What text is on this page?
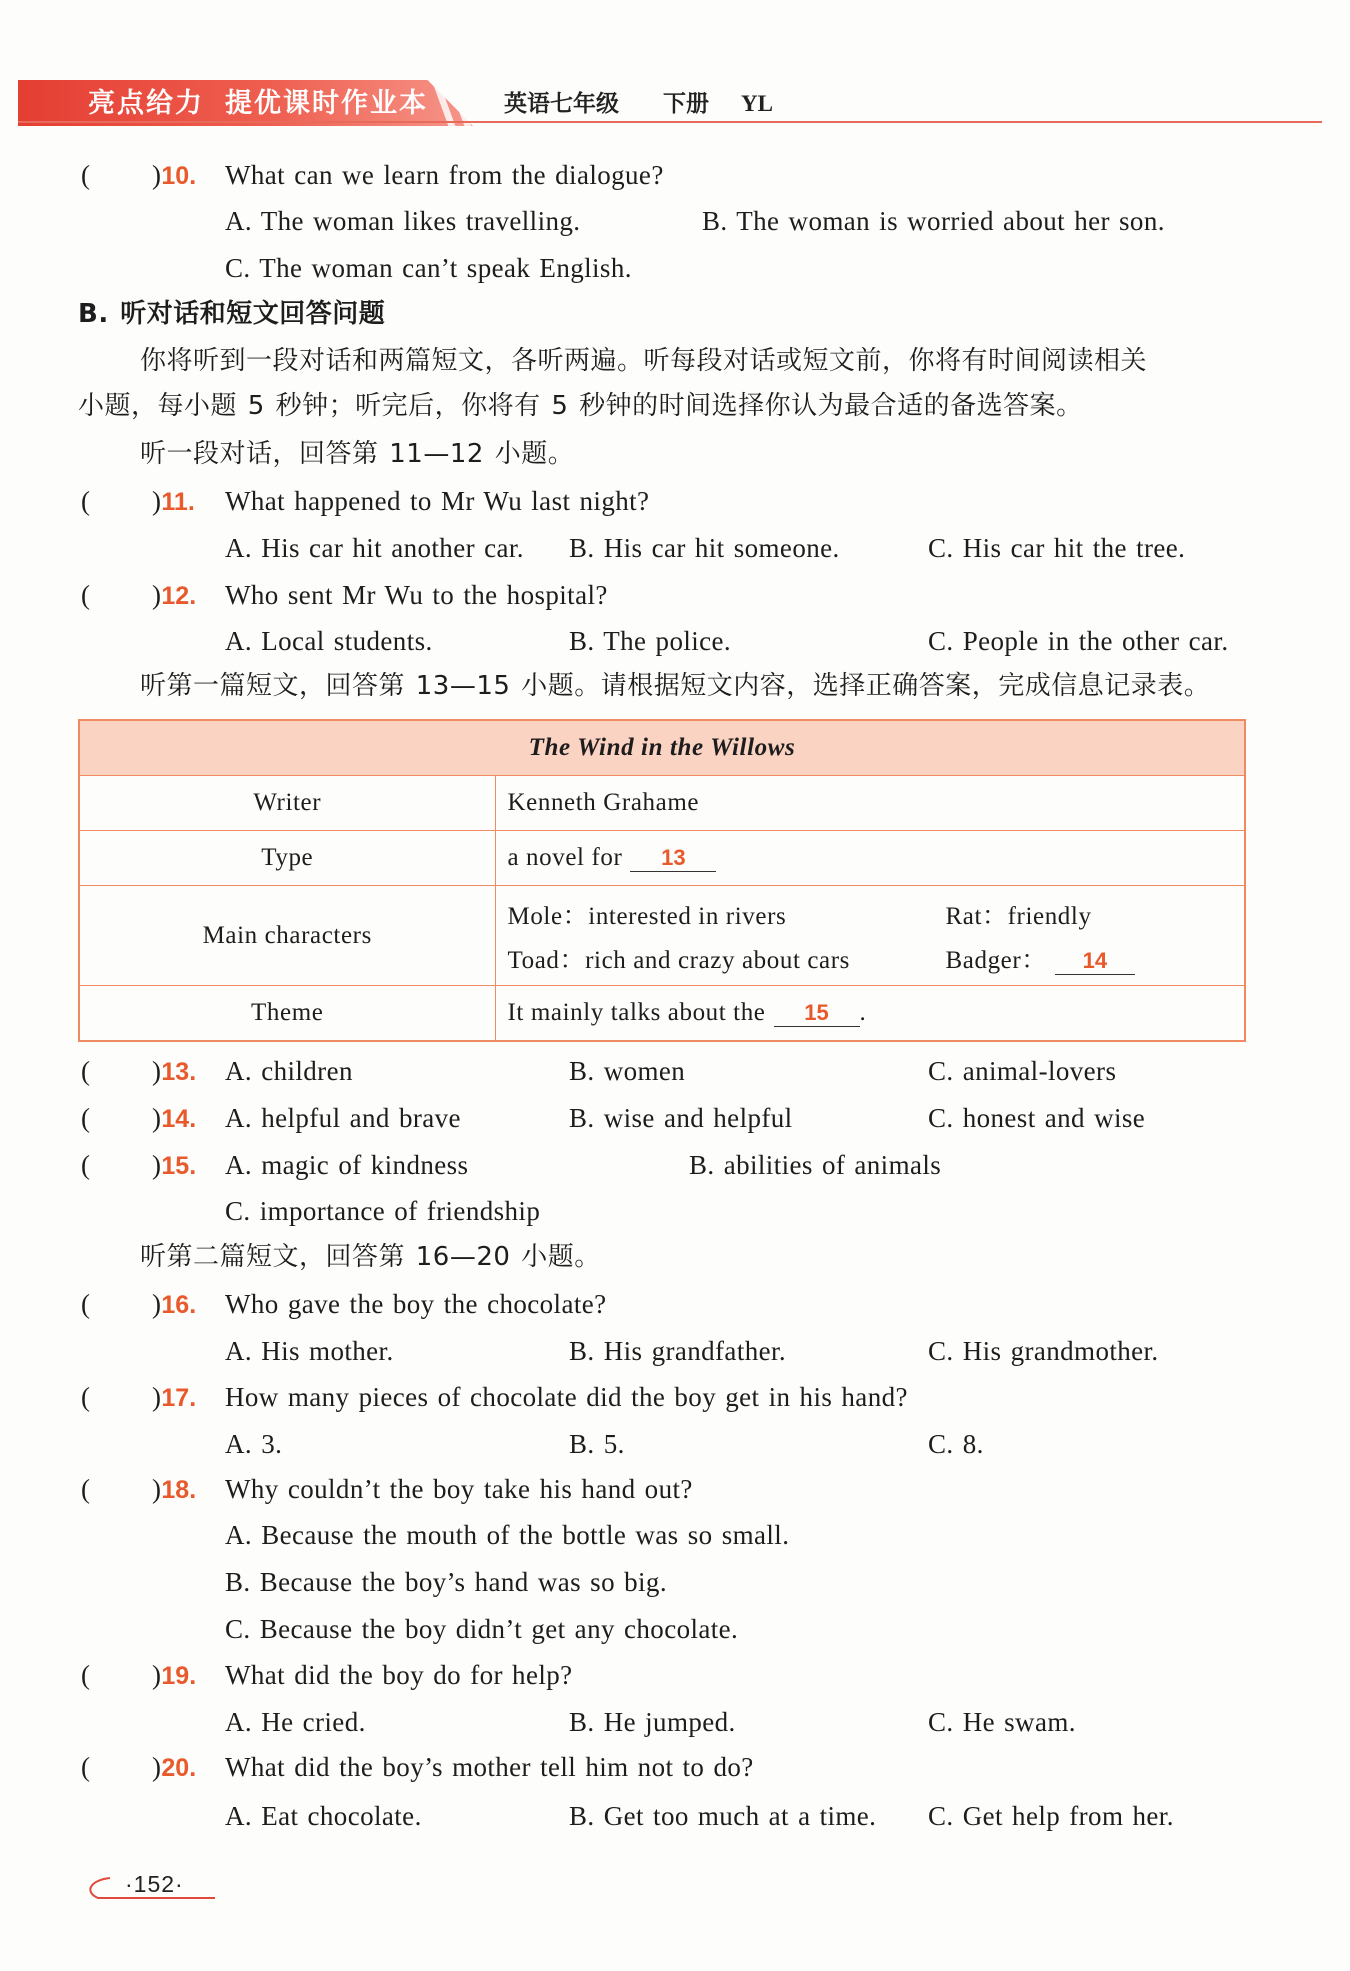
亮点给力 提优课时作业本	英语七年级 下册 YL
( )10. What can we learn from the dialogue?
A. The woman likes travelling.	B. The woman is worried about her son.
C. The woman can’t speak English.
B. 听对话和短文回答问题
你将听到一段对话和两篇短文，各听两遍。听每段对话或短文前，你将有时间阅读相关
小题，每小题 5 秒钟；听完后，你将有 5 秒钟的时间选择你认为最合适的备选答案。
听一段对话，回答第 11—12 小题。
( )11. What happened to Mr Wu last night?
A. His car hit another car. B. His car hit someone.	C. His car hit the tree.
( )12. Who sent Mr Wu to the hospital?
A. Local students.	B. The police.	C. People in the other car.
听第一篇短文，回答第 13—15 小题。请根据短文内容，选择正确答案，完成信息记录表。
The Wind in the Willows	
Writer	Kenneth Grahame
Type	a novel for 13
Main characters	Mole：interested in rivers Rat：friendly
Toad：rich and crazy about cars Badger： 14

Theme	It mainly talks about the 15 .
( )13. A. children	B. women	C. animal-lovers
( )14. A. helpful and brave	B. wise and helpful	C. honest and wise
( )15. A. magic of kindness	B. abilities of animals
C. importance of friendship
听第二篇短文，回答第 16—20 小题。
( )16. Who gave the boy the chocolate?
A. His mother.	B. His grandfather.	C. His grandmother.
( )17. How many pieces of chocolate did the boy get in his hand?
A. 3.	B. 5.	C. 8.
( )18. Why couldn’t the boy take his hand out?
A. Because the mouth of the bottle was so small.
B. Because the boy’s hand was so big.
C. Because the boy didn’t get any chocolate.
( )19. What did the boy do for help?
A. He cried.	B. He jumped.	C. He swam.
( )20. What did the boy’s mother tell him not to do?
A. Eat chocolate.	B. Get too much at a time. C. Get help from her.
·152·
